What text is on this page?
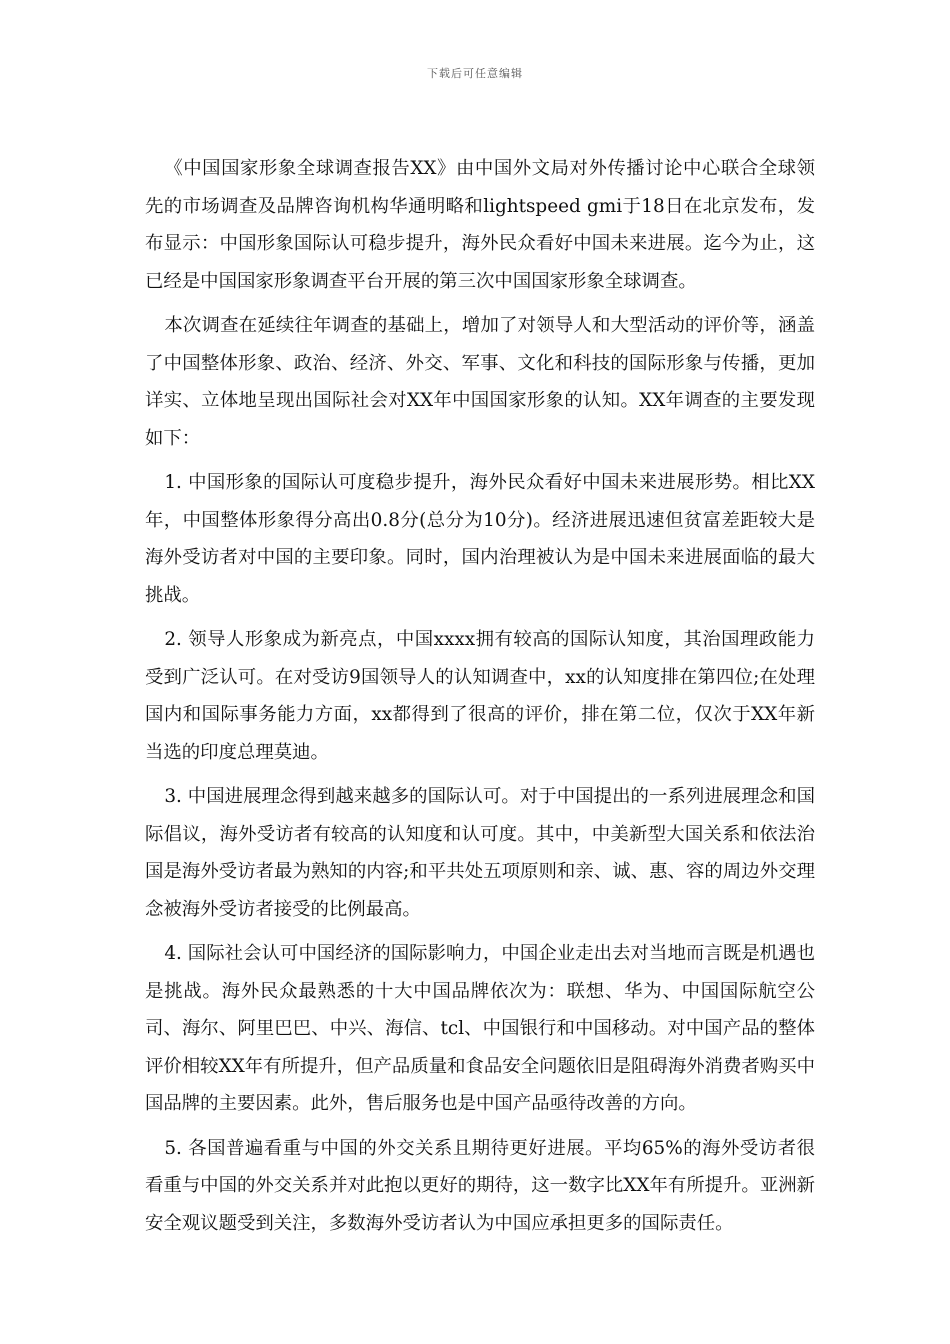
下载后可任意编辑

《中国国家形象全球调查报告XX》由中国外文局对外传播讨论中心联合全球领先的市场调查及品牌咨询机构华通明略和lightspeed gmi于18日在北京发布，发布显示：中国形象国际认可稳步提升，海外民众看好中国未来进展。迄今为止，这已经是中国国家形象调查平台开展的第三次中国国家形象全球调查。

本次调查在延续往年调查的基础上，增加了对领导人和大型活动的评价等，涵盖了中国整体形象、政治、经济、外交、军事、文化和科技的国际形象与传播，更加详实、立体地呈现出国际社会对XX年中国国家形象的认知。XX年调查的主要发现如下：

1. 中国形象的国际认可度稳步提升，海外民众看好中国未来进展形势。相比XX年，中国整体形象得分高出0.8分(总分为10分)。经济进展迅速但贫富差距较大是海外受访者对中国的主要印象。同时，国内治理被认为是中国未来进展面临的最大挑战。

2. 领导人形象成为新亮点，中国xxxx拥有较高的国际认知度，其治国理政能力受到广泛认可。在对受访9国领导人的认知调查中，xx的认知度排在第四位;在处理国内和国际事务能力方面，xx都得到了很高的评价，排在第二位，仅次于XX年新当选的印度总理莫迪。

3. 中国进展理念得到越来越多的国际认可。对于中国提出的一系列进展理念和国际倡议，海外受访者有较高的认知度和认可度。其中，中美新型大国关系和依法治国是海外受访者最为熟知的内容;和平共处五项原则和亲、诚、惠、容的周边外交理念被海外受访者接受的比例最高。

4. 国际社会认可中国经济的国际影响力，中国企业走出去对当地而言既是机遇也是挑战。海外民众最熟悉的十大中国品牌依次为：联想、华为、中国国际航空公司、海尔、阿里巴巴、中兴、海信、tcl、中国银行和中国移动。对中国产品的整体评价相较XX年有所提升，但产品质量和食品安全问题依旧是阻碍海外消费者购买中国品牌的主要因素。此外，售后服务也是中国产品亟待改善的方向。

5. 各国普遍看重与中国的外交关系且期待更好进展。平均65%的海外受访者很看重与中国的外交关系并对此抱以更好的期待，这一数字比XX年有所提升。亚洲新安全观议题受到关注，多数海外受访者认为中国应承担更多的国际责任。
